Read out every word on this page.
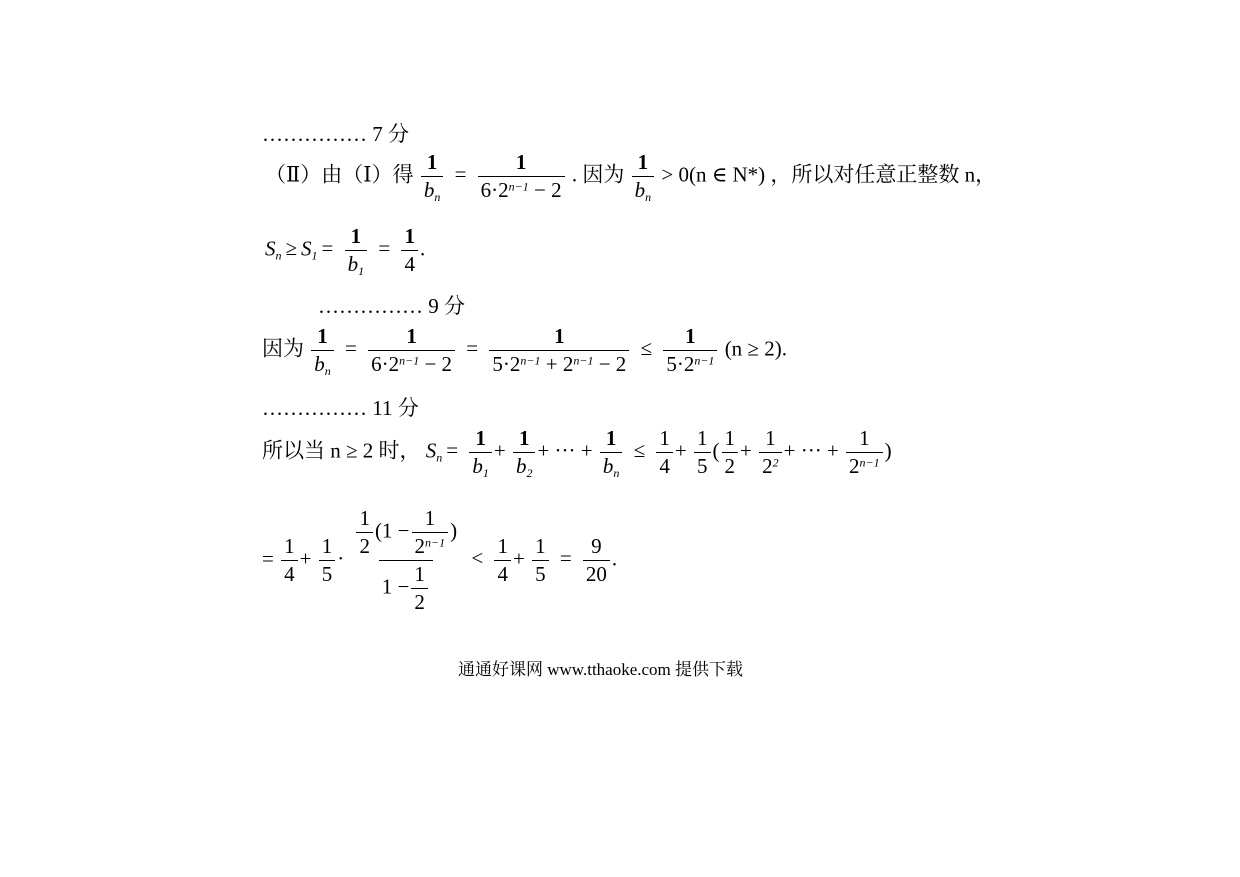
…………… 7 分
（Ⅱ）由（Ⅰ）得 $\frac{1}{b_n} = \frac{1}{6\cdot 2^{n-1} - 2}$ . 因为 $\frac{1}{b_n} > 0(n$ ∈ N*) ，所以对任意正整数 n，
$S_n \ge S_1 = \frac{1}{b_1} = \frac{1}{4}$ .
…………… 9 分
因为 $\frac{1}{b_n} = \frac{1}{6\cdot 2^{n-1} - 2} = \frac{1}{5\cdot 2^{n-1} + 2^{n-1} - 2} \le \frac{1}{5\cdot 2^{n-1}} (n \ge 2)$.
…………… 11 分
所以当 n ≥ 2 时， $S_n = \frac{1}{b_1} + \frac{1}{b_2}$ + ··· + $\frac{1}{b_n} \le \frac{1}{4} + \frac{1}{5}$ ( $\frac{1}{2} + \frac{1}{2^2}$ + ··· + $\frac{1}{2^{n-1}}$ )
= $\frac{1}{4} + \frac{1}{5} \cdot \frac{\frac{1}{2} (1 - \frac{1}{2^{n-1}} )}{1 - \frac{1}{2}} < \frac{1}{4} + \frac{1}{5} = \frac{9}{20}$ .
通通好课网 www.tthaoke.com 提供下载
